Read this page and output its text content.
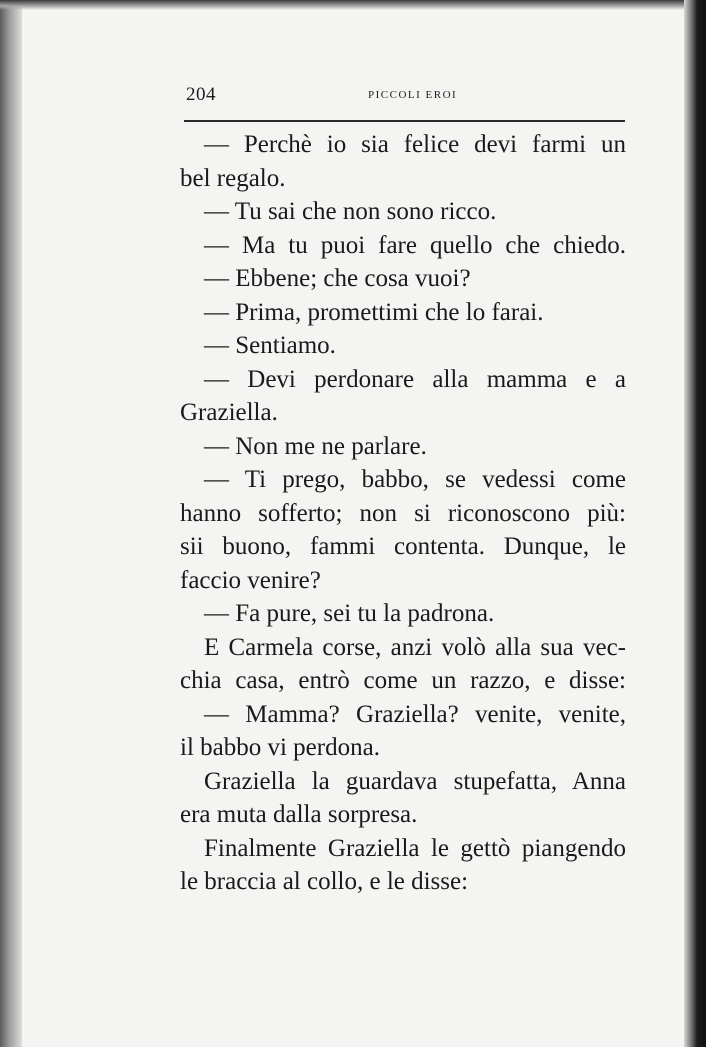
204	PICCOLI EROI
— Perchè io sia felice devi farmi un
bel regalo.
— Tu sai che non sono ricco.
— Ma tu puoi fare quello che chiedo.
— Ebbene; che cosa vuoi?
— Prima, promettimi che lo farai.
— Sentiamo.
— Devi perdonare alla mamma e a
Graziella.
— Non me ne parlare.
— Ti prego, babbo, se vedessi come
hanno sofferto; non si riconoscono più:
sii buono, fammi contenta. Dunque, le
faccio venire?
— Fa pure, sei tu la padrona.
E Carmela corse, anzi volò alla sua vec-
chia casa, entrò come un razzo, e disse:
— Mamma? Graziella? venite, venite,
il babbo vi perdona.
Graziella la guardava stupefatta, Anna
era muta dalla sorpresa.
Finalmente Graziella le gettò piangendo
le braccia al collo, e le disse:
